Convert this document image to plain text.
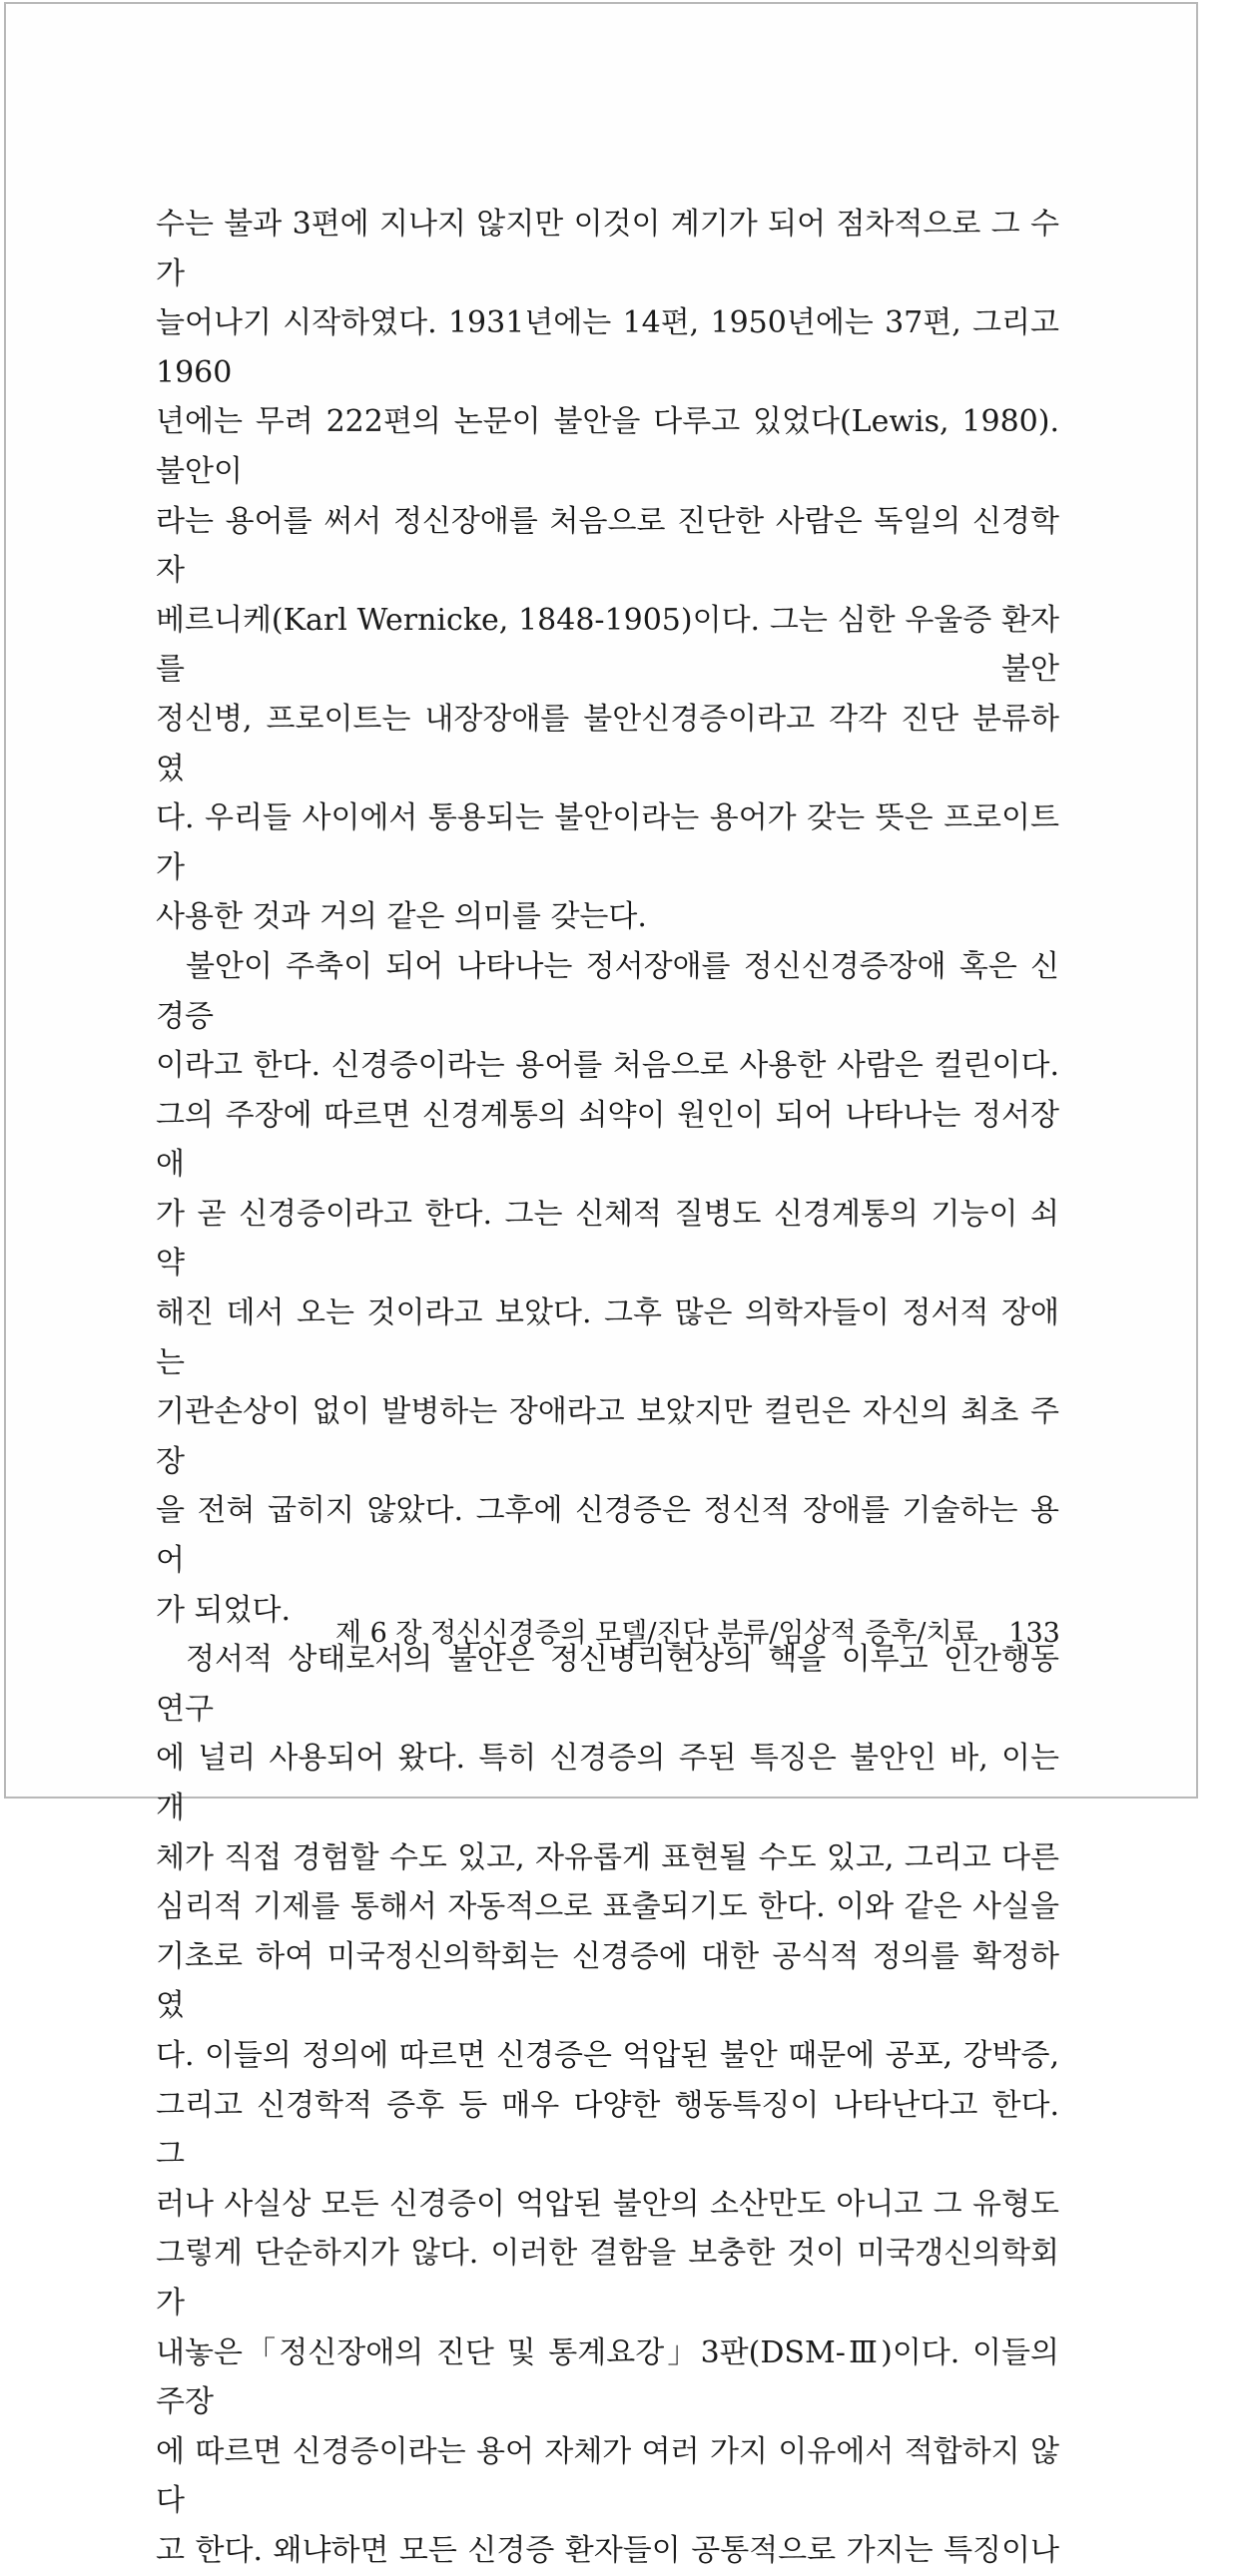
수는 불과 3편에 지나지 않지만 이것이 계기가 되어 점차적으로 그 수가
늘어나기 시작하였다. 1931년에는 14편, 1950년에는 37편, 그리고 1960
년에는 무려 222편의 논문이 불안을 다루고 있었다(Lewis, 1980). 불안이
라는 용어를 써서 정신장애를 처음으로 진단한 사람은 독일의 신경학자
베르니케(Karl Wernicke, 1848-1905)이다. 그는 심한 우울증 환자를 불안
정신병, 프로이트는 내장장애를 불안신경증이라고 각각 진단 분류하였
다. 우리들 사이에서 통용되는 불안이라는 용어가 갖는 뜻은 프로이트가

사용한 것과 거의 같은 의미를 갖는다.

불안이 주축이 되어 나타나는 정서장애를 정신신경증장애 혹은 신경증
이라고 한다. 신경증이라는 용어를 처음으로 사용한 사람은 컬린이다.
그의 주장에 따르면 신경계통의 쇠약이 원인이 되어 나타나는 정서장애
가 곧 신경증이라고 한다. 그는 신체적 질병도 신경계통의 기능이 쇠약
해진 데서 오는 것이라고 보았다. 그후 많은 의학자들이 정서적 장애는
기관손상이 없이 발병하는 장애라고 보았지만 컬린은 자신의 최초 주장
을 전혀 굽히지 않았다. 그후에 신경증은 정신적 장애를 기술하는 용어

가 되었다.

정서적 상태로서의 불안은 정신병리현상의 핵을 이루고 인간행동 연구
에 널리 사용되어 왔다. 특히 신경증의 주된 특징은 불안인 바, 이는 개
체가 직접 경험할 수도 있고, 자유롭게 표현될 수도 있고, 그리고 다른
심리적 기제를 통해서 자동적으로 표출되기도 한다. 이와 같은 사실을
기초로 하여 미국정신의학회는 신경증에 대한 공식적 정의를 확정하였
다. 이들의 정의에 따르면 신경증은 억압된 불안 때문에 공포, 강박증,
그리고 신경학적 증후 등 매우 다양한 행동특징이 나타난다고 한다. 그
러나 사실상 모든 신경증이 억압된 불안의 소산만도 아니고 그 유형도
그렇게 단순하지가 않다. 이러한 결함을 보충한 것이 미국갱신의학회가
내놓은「정신장애의 진단 및 통계요강」3판(DSM-Ⅲ)이다. 이들의 주장
에 따르면 신경증이라는 용어 자체가 여러 가지 이유에서 적합하지 않다
고 한다. 왜냐하면 모든 신경증 환자들이 공통적으로 가지는 특징이나

제 6 장 정신신경증의 모델/진단 분류/임상적 증후/치료 133
